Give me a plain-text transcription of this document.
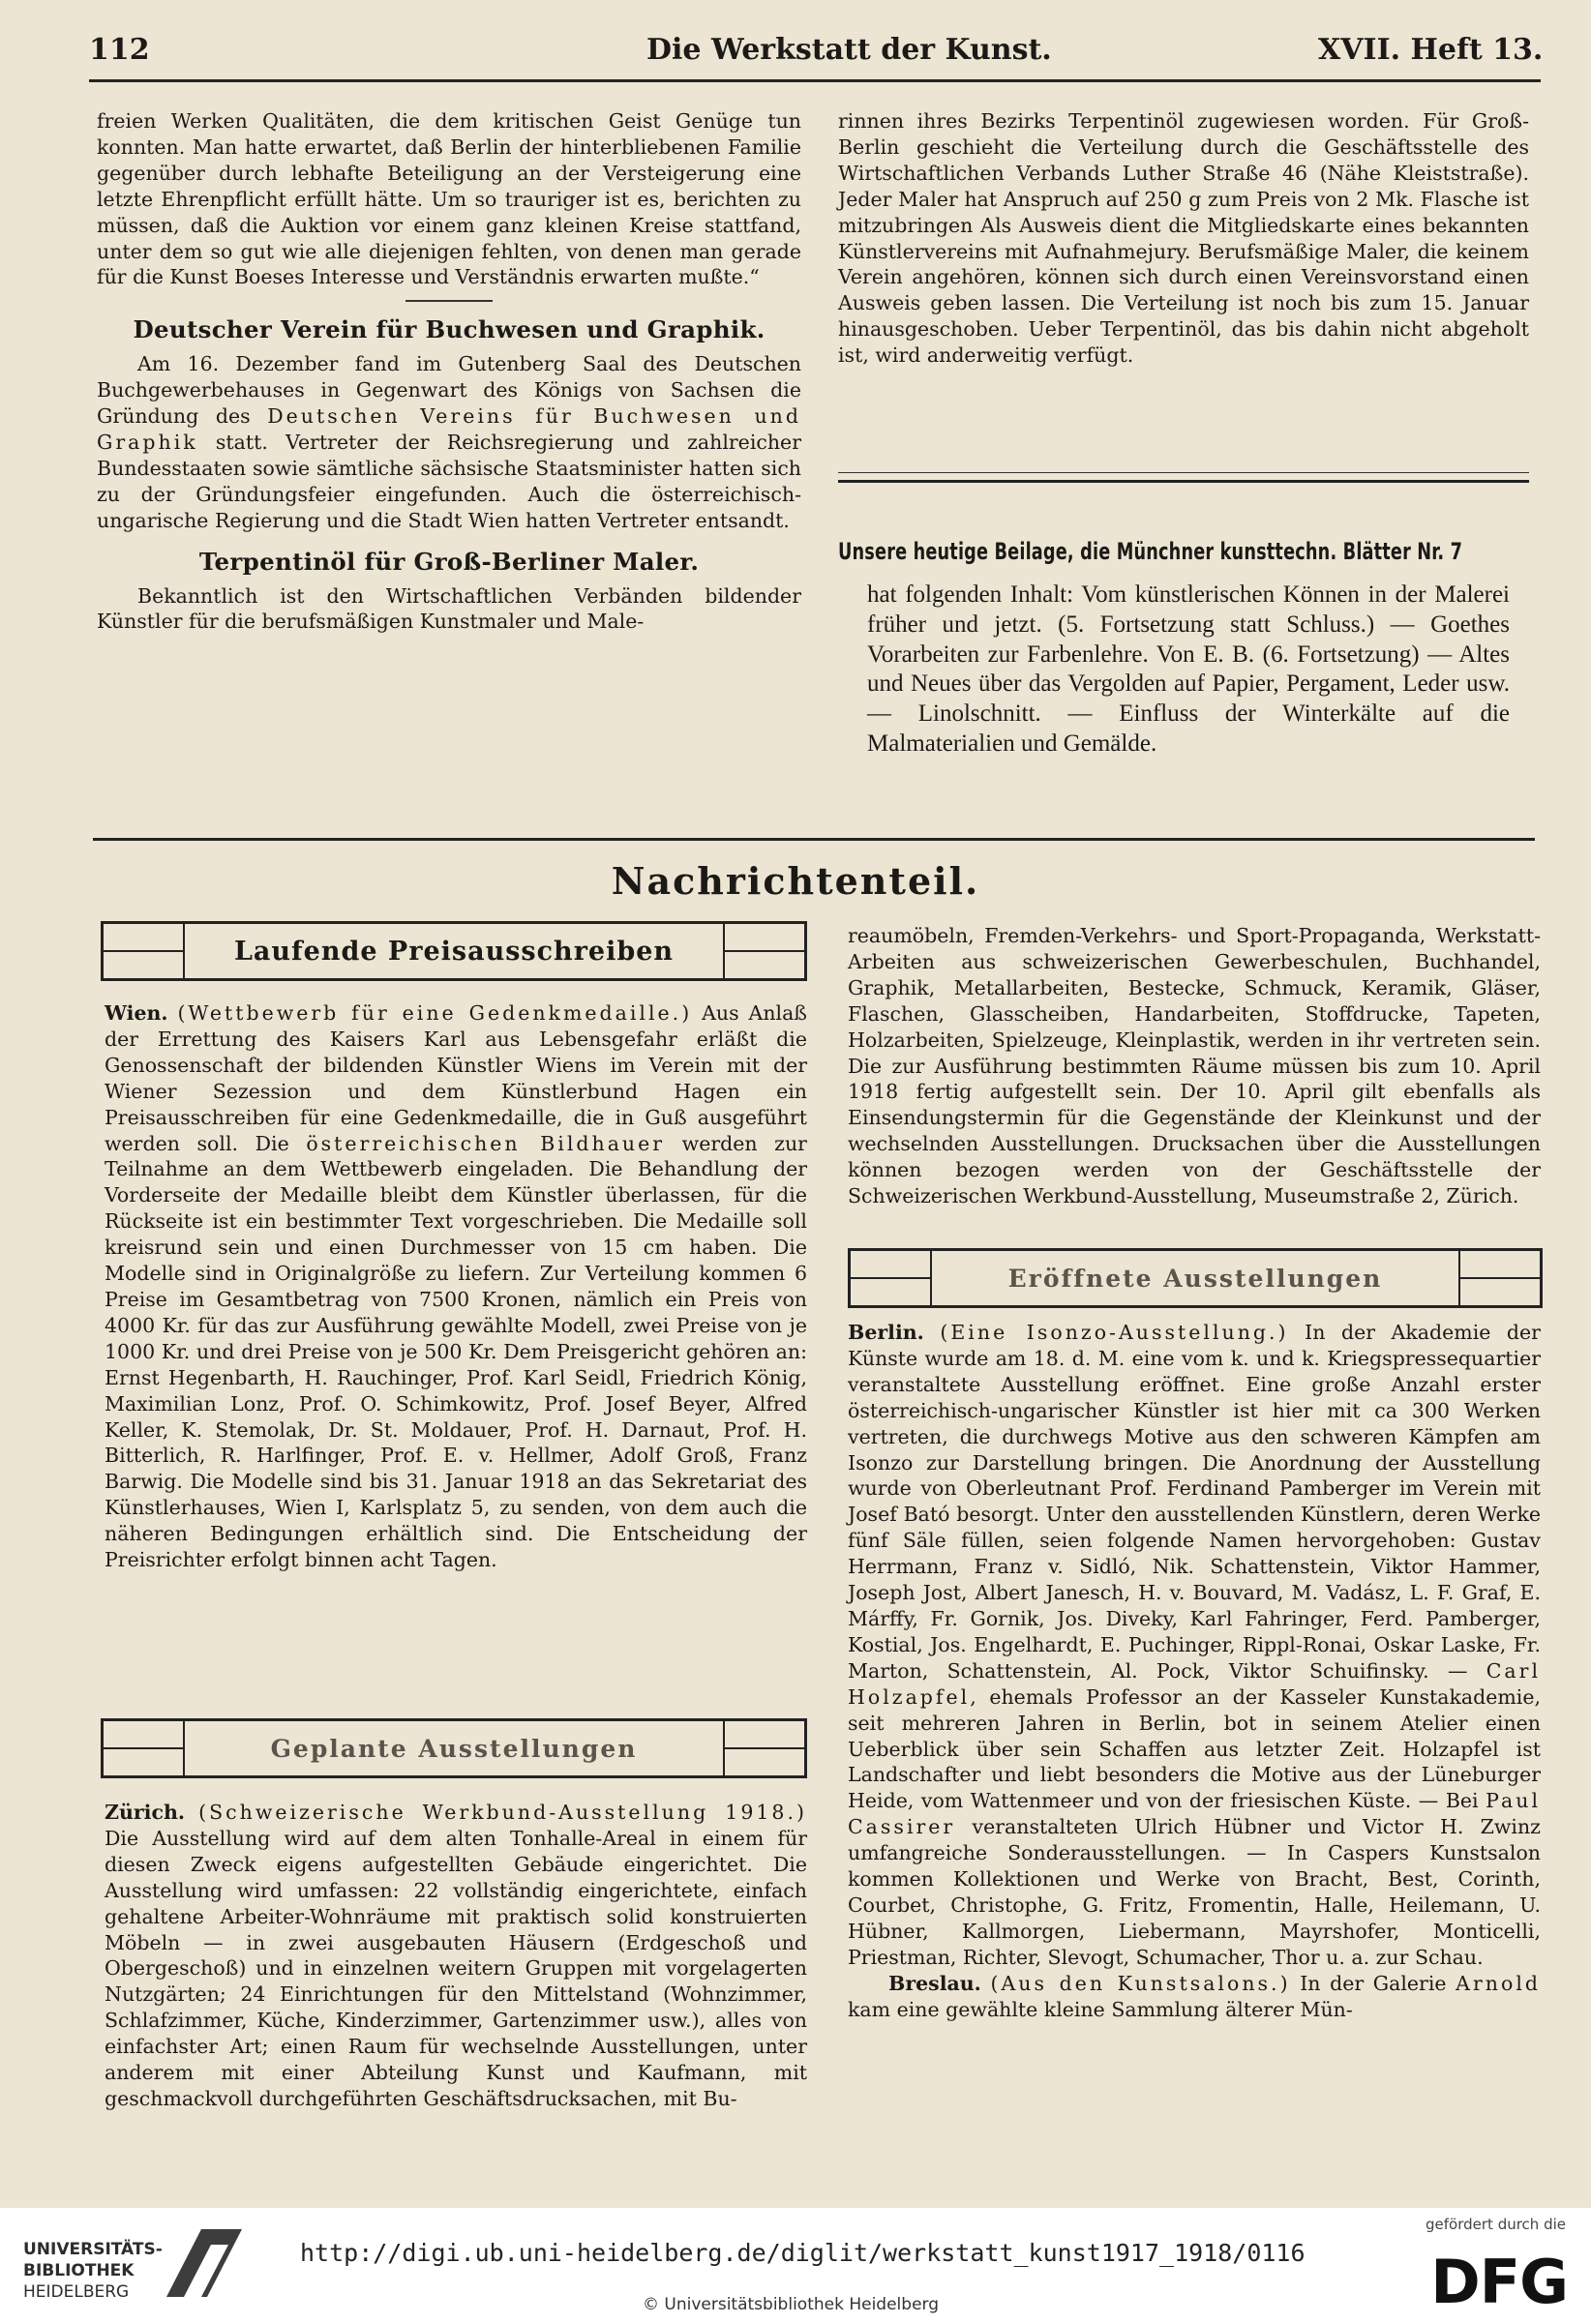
112	Die Werkstatt der Kunst.	XVII. Heft 13.

freien Werken Qualitäten, die dem kritischen Geist Genüge tun konnten. Man hatte erwartet, daß Berlin der hinterbliebenen Familie gegenüber durch lebhafte Beteiligung an der Versteigerung eine letzte Ehrenpflicht erfüllt hätte. Um so trauriger ist es, berichten zu müssen, daß die Auktion vor einem ganz kleinen Kreise stattfand, unter dem so gut wie alle diejenigen fehlten, von denen man gerade für die Kunst Boeses Interesse und Verständnis erwarten mußte.“

Deutscher Verein für Buchwesen und Graphik.

Am 16. Dezember fand im Gutenberg Saal des Deutschen Buchgewerbehauses in Gegenwart des Königs von Sachsen die Gründung des Deutschen Vereins für Buchwesen und Graphik statt. Vertreter der Reichsregierung und zahlreicher Bundesstaaten sowie sämtliche sächsische Staatsminister hatten sich zu der Gründungsfeier eingefunden. Auch die österreichisch-ungarische Regierung und die Stadt Wien hatten Vertreter entsandt.

Terpentinöl für Groß-Berliner Maler.

Bekanntlich ist den Wirtschaftlichen Verbänden bildender Künstler für die berufsmäßigen Kunstmaler und Male-

rinnen ihres Bezirks Terpentinöl zugewiesen worden. Für Groß-Berlin geschieht die Verteilung durch die Geschäftsstelle des Wirtschaftlichen Verbands Luther Straße 46 (Nähe Kleiststraße). Jeder Maler hat Anspruch auf 250 g zum Preis von 2 Mk. Flasche ist mitzubringen Als Ausweis dient die Mitgliedskarte eines bekannten Künstlervereins mit Aufnahmejury. Berufsmäßige Maler, die keinem Verein angehören, können sich durch einen Vereinsvorstand einen Ausweis geben lassen. Die Verteilung ist noch bis zum 15. Januar hinausgeschoben. Ueber Terpentinöl, das bis dahin nicht abgeholt ist, wird anderweitig verfügt.

Unsere heutige Beilage, die Münchner kunsttechn. Blätter Nr. 7
hat folgenden Inhalt: Vom künstlerischen Können in der Malerei früher und jetzt. (5. Fortsetzung statt Schluss.) — Goethes Vorarbeiten zur Farbenlehre. Von E. B. (6. Fortsetzung) — Altes und Neues über das Vergolden auf Papier, Pergament, Leder usw. — Linolschnitt. — Einfluss der Winterkälte auf die Malmaterialien und Gemälde.
Nachrichtenteil.
Laufende Preisausschreiben

Wien. (Wettbewerb für eine Gedenkmedaille.) Aus Anlaß der Errettung des Kaisers Karl aus Lebensgefahr erläßt die Genossenschaft der bildenden Künstler Wiens im Verein mit der Wiener Sezession und dem Künstlerbund Hagen ein Preisausschreiben für eine Gedenkmedaille, die in Guß ausgeführt werden soll. Die österreichischen Bildhauer werden zur Teilnahme an dem Wettbewerb eingeladen. Die Behandlung der Vorderseite der Medaille bleibt dem Künstler überlassen, für die Rückseite ist ein bestimmter Text vorgeschrieben. Die Medaille soll kreisrund sein und einen Durchmesser von 15 cm haben. Die Modelle sind in Originalgröße zu liefern. Zur Verteilung kommen 6 Preise im Gesamtbetrag von 7500 Kronen, nämlich ein Preis von 4000 Kr. für das zur Ausführung gewählte Modell, zwei Preise von je 1000 Kr. und drei Preise von je 500 Kr. Dem Preisgericht gehören an: Ernst Hegenbarth, H. Rauchinger, Prof. Karl Seidl, Friedrich König, Maximilian Lonz, Prof. O. Schimkowitz, Prof. Josef Beyer, Alfred Keller, K. Stemolak, Dr. St. Moldauer, Prof. H. Darnaut, Prof. H. Bitterlich, R. Harlfinger, Prof. E. v. Hellmer, Adolf Groß, Franz Barwig. Die Modelle sind bis 31. Januar 1918 an das Sekretariat des Künstlerhauses, Wien I, Karlsplatz 5, zu senden, von dem auch die näheren Bedingungen erhältlich sind. Die Entscheidung der Preisrichter erfolgt binnen acht Tagen.

Geplante Ausstellungen

Zürich. (Schweizerische Werkbund-Ausstellung 1918.) Die Ausstellung wird auf dem alten Tonhalle-Areal in einem für diesen Zweck eigens aufgestellten Gebäude eingerichtet. Die Ausstellung wird umfassen: 22 vollständig eingerichtete, einfach gehaltene Arbeiter-Wohnräume mit praktisch solid konstruierten Möbeln — in zwei ausgebauten Häusern (Erdgeschoß und Obergeschoß) und in einzelnen weitern Gruppen mit vorgelagerten Nutzgärten; 24 Einrichtungen für den Mittelstand (Wohnzimmer, Schlafzimmer, Küche, Kinderzimmer, Gartenzimmer usw.), alles von einfachster Art; einen Raum für wechselnde Ausstellungen, unter anderem mit einer Abteilung Kunst und Kaufmann, mit geschmackvoll durchgeführten Geschäftsdrucksachen, mit Bu-

reaumöbeln, Fremden-Verkehrs- und Sport-Propaganda, Werkstatt-Arbeiten aus schweizerischen Gewerbeschulen, Buchhandel, Graphik, Metallarbeiten, Bestecke, Schmuck, Keramik, Gläser, Flaschen, Glasscheiben, Handarbeiten, Stoffdrucke, Tapeten, Holzarbeiten, Spielzeuge, Kleinplastik, werden in ihr vertreten sein. Die zur Ausführung bestimmten Räume müssen bis zum 10. April 1918 fertig aufgestellt sein. Der 10. April gilt ebenfalls als Einsendungstermin für die Gegenstände der Kleinkunst und der wechselnden Ausstellungen. Drucksachen über die Ausstellungen können bezogen werden von der Geschäftsstelle der Schweizerischen Werkbund-Ausstellung, Museumstraße 2, Zürich.

Eröffnete Ausstellungen

Berlin. (Eine Isonzo-Ausstellung.) In der Akademie der Künste wurde am 18. d. M. eine vom k. und k. Kriegspressequartier veranstaltete Ausstellung eröffnet. Eine große Anzahl erster österreichisch-ungarischer Künstler ist hier mit ca 300 Werken vertreten, die durchwegs Motive aus den schweren Kämpfen am Isonzo zur Darstellung bringen. Die Anordnung der Ausstellung wurde von Oberleutnant Prof. Ferdinand Pamberger im Verein mit Josef Bató besorgt. Unter den ausstellenden Künstlern, deren Werke fünf Säle füllen, seien folgende Namen hervorgehoben: Gustav Herrmann, Franz v. Sidló, Nik. Schattenstein, Viktor Hammer, Joseph Jost, Albert Janesch, H. v. Bouvard, M. Vadász, L. F. Graf, E. Márffy, Fr. Gornik, Jos. Diveky, Karl Fahringer, Ferd. Pamberger, Kostial, Jos. Engelhardt, E. Puchinger, Rippl-Ronai, Oskar Laske, Fr. Marton, Schattenstein, Al. Pock, Viktor Schuifinsky. — Carl Holzapfel, ehemals Professor an der Kasseler Kunstakademie, seit mehreren Jahren in Berlin, bot in seinem Atelier einen Ueberblick über sein Schaffen aus letzter Zeit. Holzapfel ist Landschafter und liebt besonders die Motive aus der Lüneburger Heide, vom Wattenmeer und von der friesischen Küste. — Bei Paul Cassirer veranstalteten Ulrich Hübner und Victor H. Zwinz umfangreiche Sonderausstellungen. — In Caspers Kunstsalon kommen Kollektionen und Werke von Bracht, Best, Corinth, Courbet, Christophe, G. Fritz, Fromentin, Halle, Heilemann, U. Hübner, Kallmorgen, Liebermann, Mayrshofer, Monticelli, Priestman, Richter, Slevogt, Schumacher, Thor u. a. zur Schau.

Breslau. (Aus den Kunstsalons.) In der Galerie Arnold kam eine gewählte kleine Sammlung älterer Mün-

UNIVERSITÄTS-
BIBLIOTHEK
HEIDELBERG
http://digi.ub.uni-heidelberg.de/diglit/werkstatt_kunst1917_1918/0116
© Universitätsbibliothek Heidelberg
gefördert durch die
DFG
